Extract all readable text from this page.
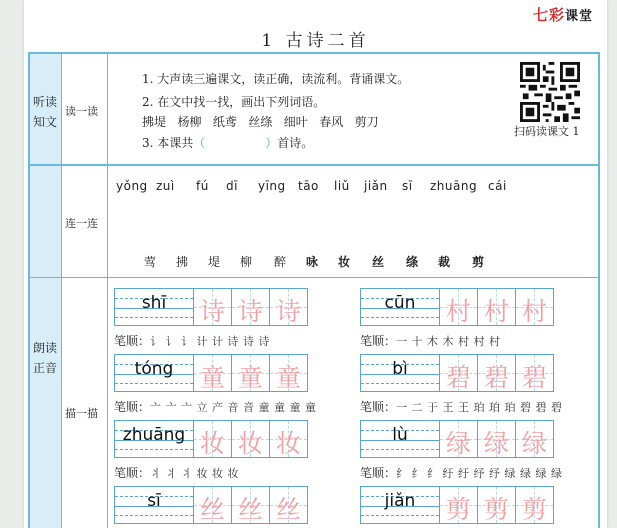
七彩课堂
1 古诗二首
听读知文
读一读
1. 大声读三遍课文，读正确，读流利。背诵课文。
2. 在文中找一找，画出下列词语。
拂堤   杨柳   纸鸢   丝绦   细叶   春风   剪刀
3. 本课共（	）首诗。
扫码读课文 1
连一连
yǒng zuì fú dī yīng tāo liǔ jiǎn sī zhuāng cái
莺 拂 堤 柳 醉 咏 妆 丝 绦 裁 剪
朗读正音
描一描
shī	诗 诗 诗
笔顺：讠 讠 讠 计 计 诗 诗 诗
cūn	村 村 村
笔顺：一 十 木 木 村 村 村
tóng	童 童 童
笔顺：亠 亠 亠 立 产 音 音 童 童 童 童
bì	碧 碧 碧
笔顺：一 二 于 王 王 珀 珀 珀 碧 碧 碧
zhuāng 妆 妆 妆
笔顺：丬 丬 丬 妆 妆 妆
lù	绿 绿 绿
笔顺：纟 纟 纟 纡 纡 纾 纾 绿 绿 绿 绿
sī	丝 丝 丝	jiǎn	剪 剪 剪
